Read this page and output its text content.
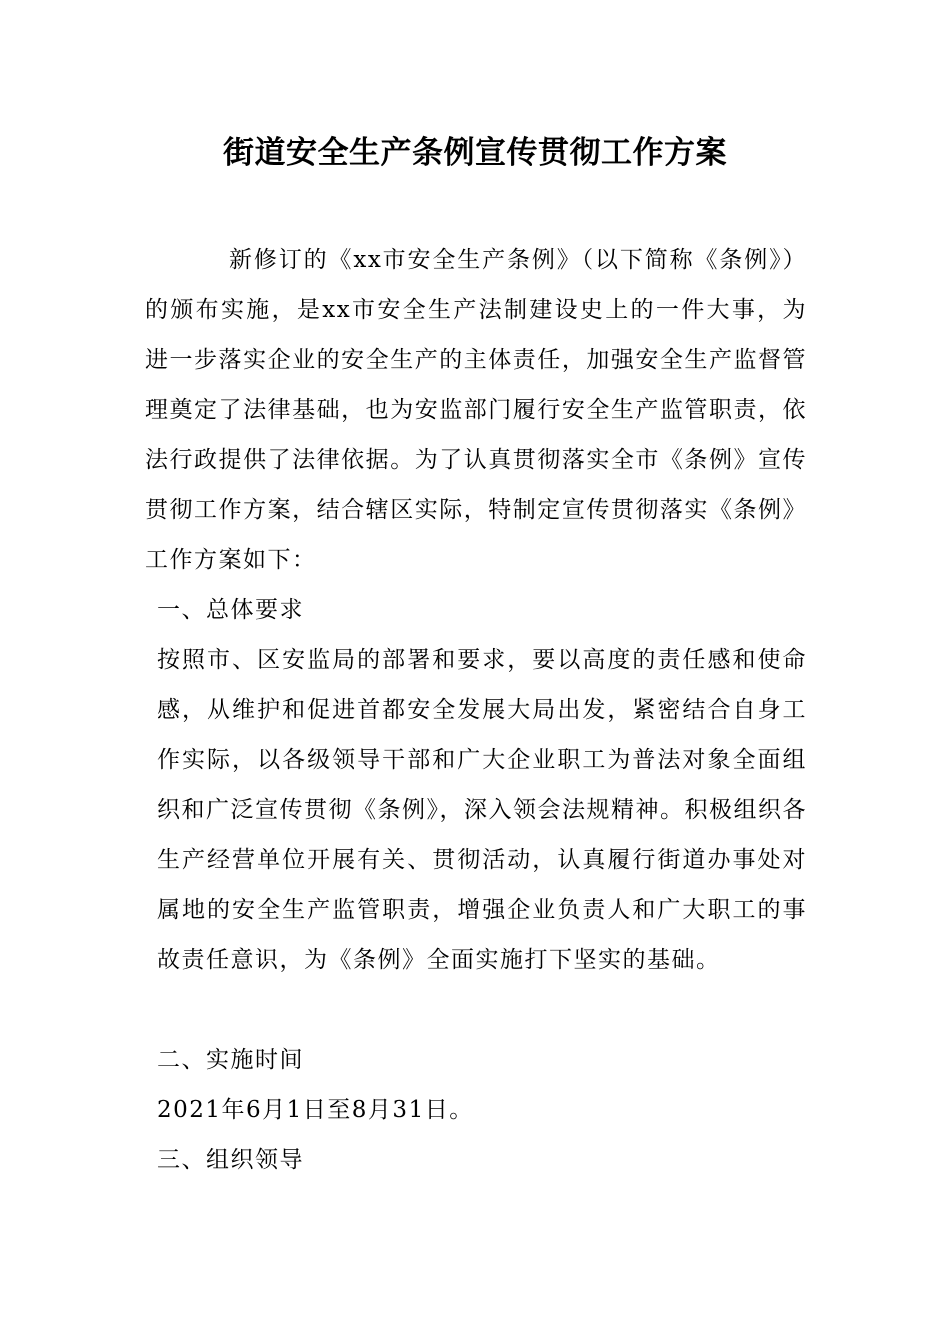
街道安全生产条例宣传贯彻工作方案
新修订的《xx市安全生产条例》（以下简称《条例》）的颁布实施，是xx市安全生产法制建设史上的一件大事，为进一步落实企业的安全生产的主体责任，加强安全生产监督管理奠定了法律基础，也为安监部门履行安全生产监管职责，依法行政提供了法律依据。为了认真贯彻落实全市《条例》宣传贯彻工作方案，结合辖区实际，特制定宣传贯彻落实《条例》工作方案如下：
一、总体要求
按照市、区安监局的部署和要求，要以高度的责任感和使命感，从维护和促进首都安全发展大局出发，紧密结合自身工作实际，以各级领导干部和广大企业职工为普法对象全面组织和广泛宣传贯彻《条例》，深入领会法规精神。积极组织各生产经营单位开展有关、贯彻活动，认真履行街道办事处对属地的安全生产监管职责，增强企业负责人和广大职工的事故责任意识，为《条例》全面实施打下坚实的基础。
二、实施时间
2021年6月1日至8月31日。
三、组织领导
